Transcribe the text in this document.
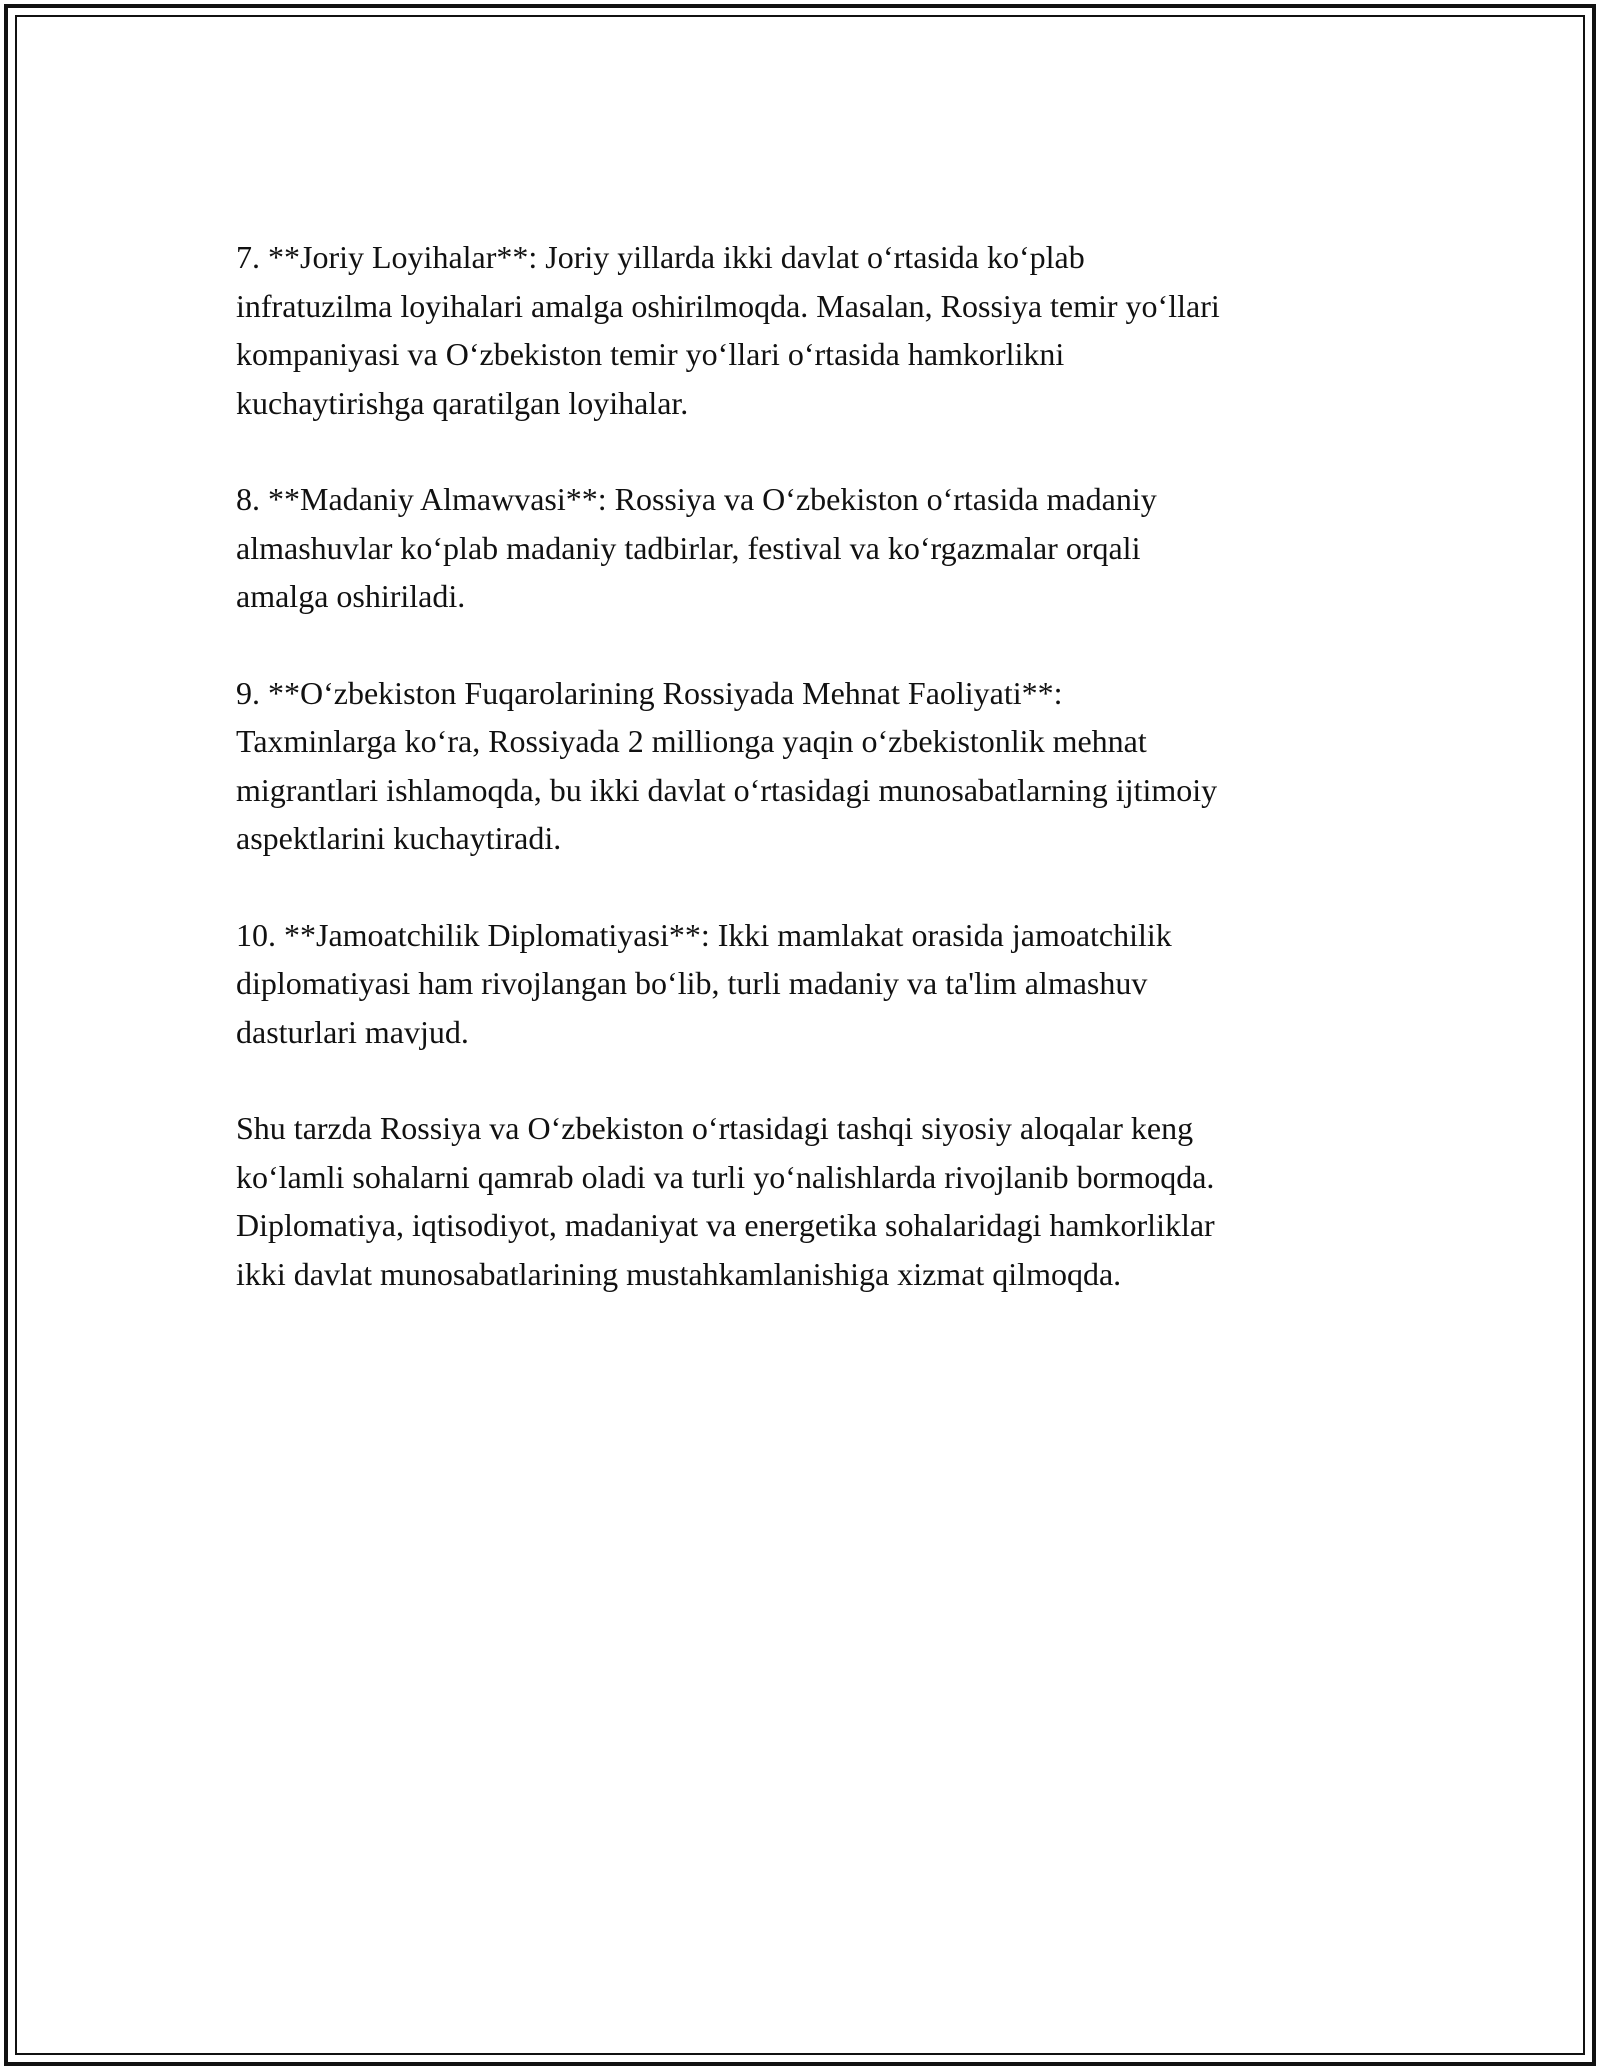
7. **Joriy Loyihalar**: Joriy yillarda ikki davlat oʻrtasida koʻplab
infratuzilma loyihalari amalga oshirilmoqda. Masalan, Rossiya temir yoʻllari
kompaniyasi va Oʻzbekiston temir yoʻllari oʻrtasida hamkorlikni
kuchaytirishga qaratilgan loyihalar.

8. **Madaniy Almawvasi**: Rossiya va Oʻzbekiston oʻrtasida madaniy
almashuvlar koʻplab madaniy tadbirlar, festival va koʻrgazmalar orqali
amalga oshiriladi.

9. **Oʻzbekiston Fuqarolarining Rossiyada Mehnat Faoliyati**:
Taxminlarga koʻra, Rossiyada 2 millionga yaqin oʻzbekistonlik mehnat
migrantlari ishlamoqda, bu ikki davlat oʻrtasidagi munosabatlarning ijtimoiy
aspektlarini kuchaytiradi.

10. **Jamoatchilik Diplomatiyasi**: Ikki mamlakat orasida jamoatchilik
diplomatiyasi ham rivojlangan boʻlib, turli madaniy va ta'lim almashuv
dasturlari mavjud.

Shu tarzda Rossiya va Oʻzbekiston oʻrtasidagi tashqi siyosiy aloqalar keng
koʻlamli sohalarni qamrab oladi va turli yoʻnalishlarda rivojlanib bormoqda.
Diplomatiya, iqtisodiyot, madaniyat va energetika sohalaridagi hamkorliklar
ikki davlat munosabatlarining mustahkamlanishiga xizmat qilmoqda.
